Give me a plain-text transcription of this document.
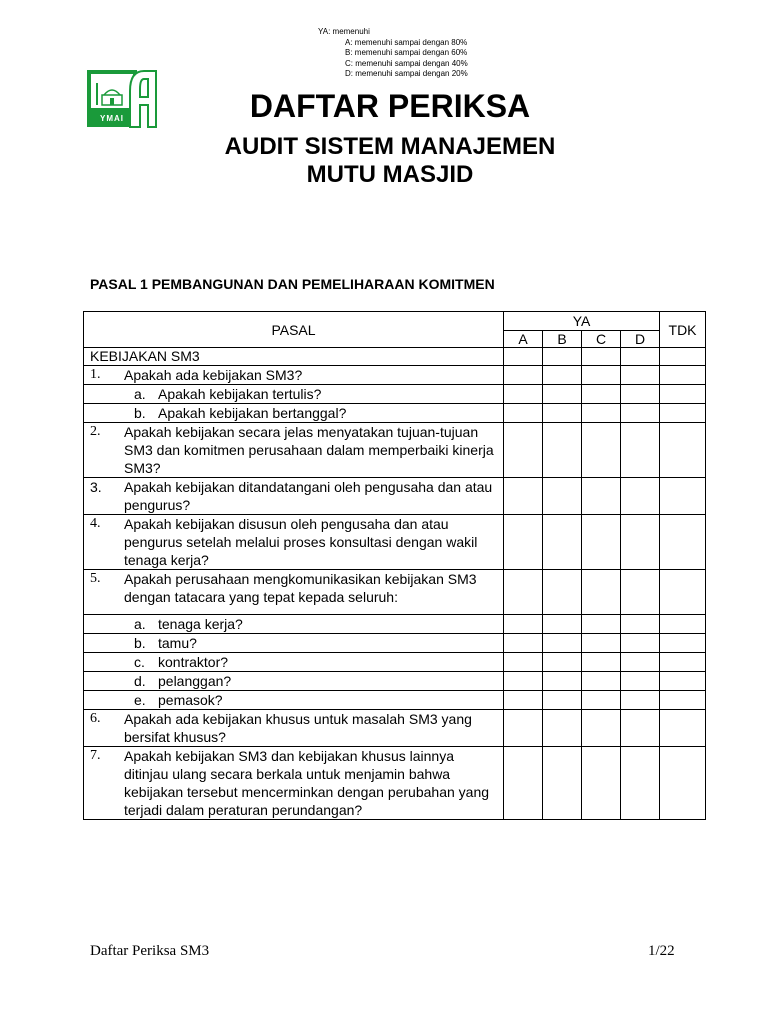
YA: memenuhi
A: memenuhi sampai dengan 80%
B: memenuhi sampai dengan 60%
C: memenuhi sampai dengan 40%
D: memenuhi sampai dengan 20%
YMAI	DAFTAR PERIKSA
AUDIT SISTEM MANAJEMEN
MUTU MASJID
PASAL 1 PEMBANGUNAN DAN PEMELIHARAAN KOMITMEN
PASAL	YA				TDK
	A	B	C	D	
KEBIJAKAN SM3					

1. Apakah ada kebijakan SM3?					

a. Apakah kebijakan tertulis?					

b. Apakah kebijakan bertanggal?					

2. Apakah kebijakan secara jelas menyatakan tujuan-tujuan SM3 dan komitmen perusahaan dalam memperbaiki kinerja SM3?					

3. Apakah kebijakan ditandatangani oleh pengusaha dan atau pengurus?					

4. Apakah kebijakan disusun oleh pengusaha dan atau pengurus setelah melalui proses konsultasi dengan wakil tenaga kerja?					

5. Apakah perusahaan mengkomunikasikan kebijakan SM3 dengan tatacara yang tepat kepada seluruh:					

a. tenaga kerja?					

b. tamu?					

c. kontraktor?					

d. pelanggan?					

e. pemasok?					

6. Apakah ada kebijakan khusus untuk masalah SM3 yang bersifat khusus?					

7. Apakah kebijakan SM3 dan kebijakan khusus lainnya ditinjau ulang secara berkala untuk menjamin bahwa kebijakan tersebut mencerminkan dengan perubahan yang terjadi dalam peraturan perundangan?					

Daftar Periksa SM3	1/22
